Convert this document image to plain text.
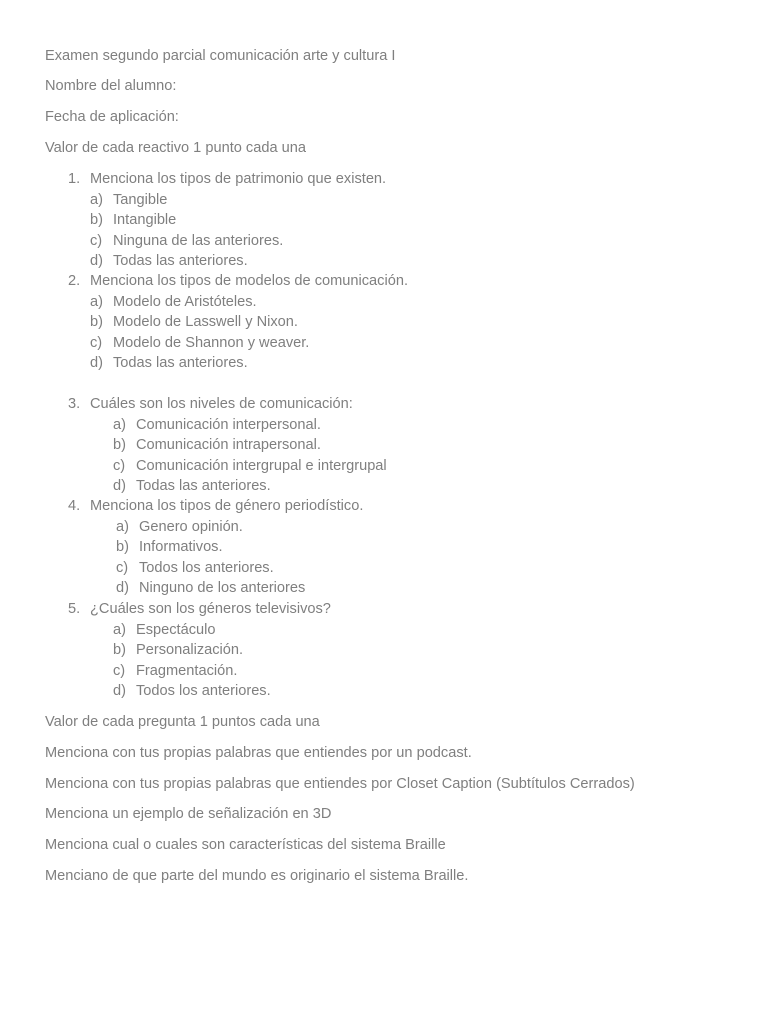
Examen segundo parcial comunicación arte y cultura I
Nombre del alumno:
Fecha de aplicación:
Valor de cada reactivo 1 punto cada una
1. Menciona los tipos de patrimonio que existen.
a) Tangible
b) Intangible
c) Ninguna de las anteriores.
d) Todas las anteriores.
2. Menciona los tipos de modelos de comunicación.
a) Modelo de Aristóteles.
b) Modelo de Lasswell y Nixon.
c) Modelo de Shannon y weaver.
d) Todas las anteriores.
3. Cuáles son los niveles de comunicación:
a) Comunicación interpersonal.
b) Comunicación intrapersonal.
c) Comunicación intergrupal e intergrupal
d) Todas las anteriores.
4. Menciona los tipos de género periodístico.
a) Genero opinión.
b) Informativos.
c) Todos los anteriores.
d) Ninguno de los anteriores
5. ¿Cuáles son los géneros televisivos?
a) Espectáculo
b) Personalización.
c) Fragmentación.
d) Todos los anteriores.
Valor de cada pregunta 1 puntos cada una
Menciona con tus propias palabras que entiendes por un podcast.
Menciona con tus propias palabras que entiendes por Closet Caption (Subtítulos Cerrados)
Menciona un ejemplo de señalización en 3D
Menciona cual o cuales son características del sistema Braille
Menciano de que parte del mundo es originario el sistema Braille.
